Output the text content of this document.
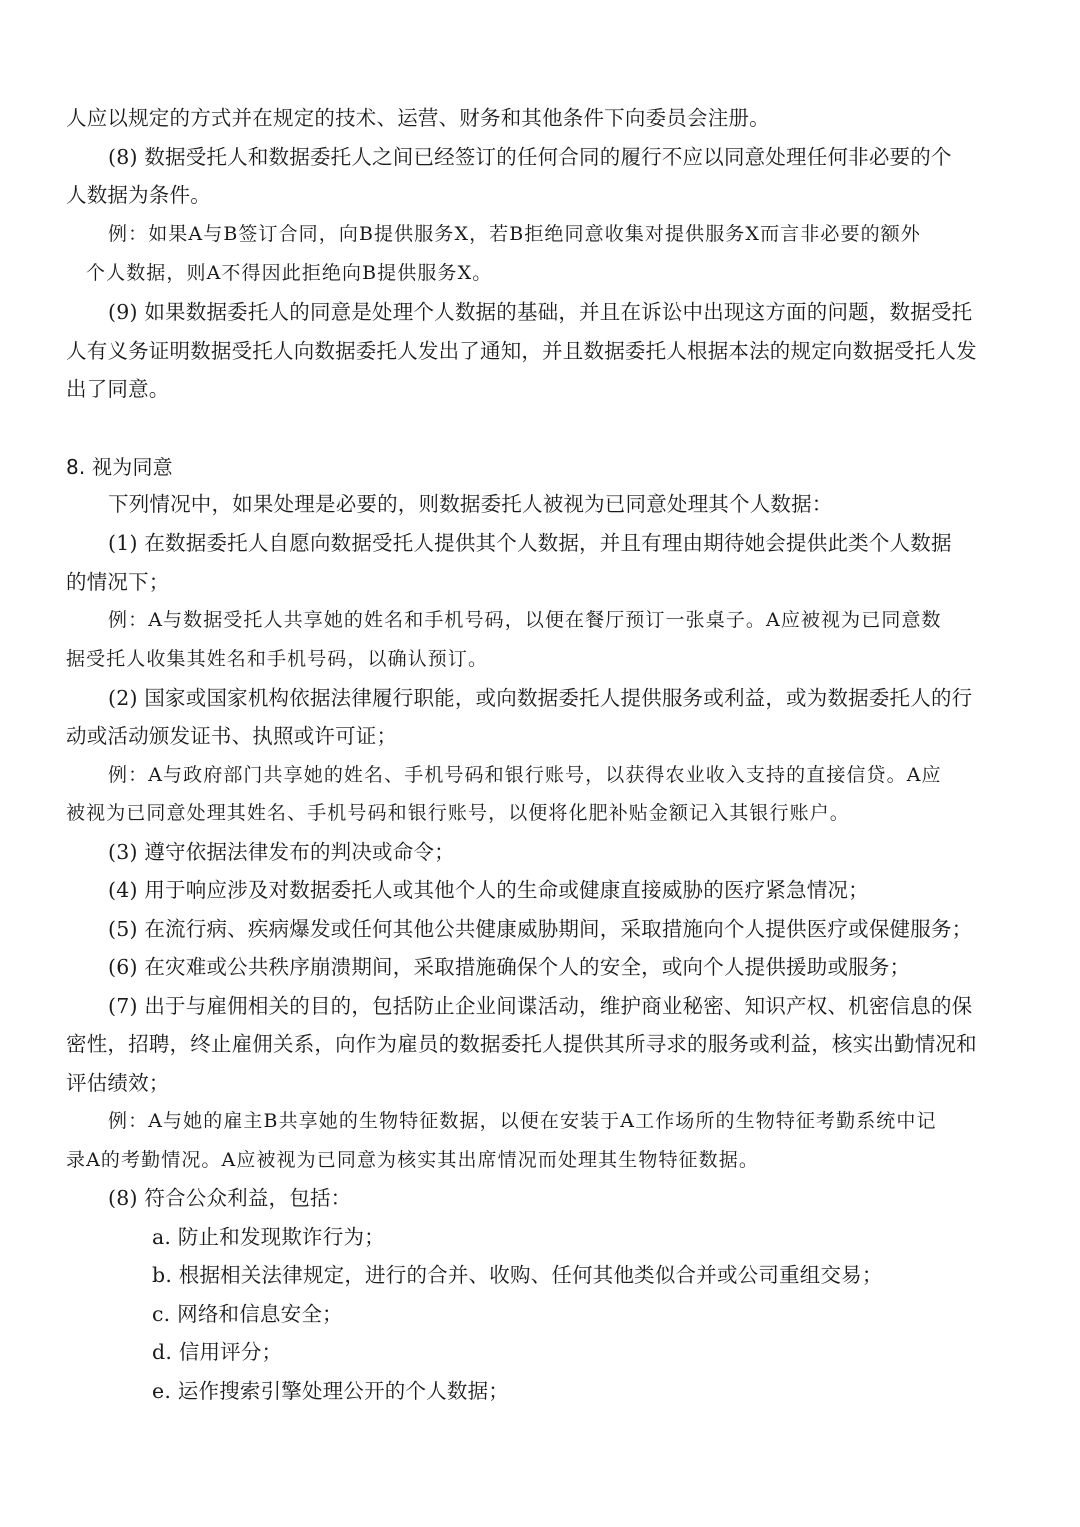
人应以规定的方式并在规定的技术、运营、财务和其他条件下向委员会注册。
(8) 数据受托人和数据委托人之间已经签订的任何合同的履行不应以同意处理任何非必要的个
人数据为条件。
例：如果A与B签订合同，向B提供服务X，若B拒绝同意收集对提供服务X而言非必要的额外
个人数据，则A不得因此拒绝向B提供服务X。
(9) 如果数据委托人的同意是处理个人数据的基础，并且在诉讼中出现这方面的问题，数据受托
人有义务证明数据受托人向数据委托人发出了通知，并且数据委托人根据本法的规定向数据受托人发
出了同意。
8. 视为同意
下列情况中，如果处理是必要的，则数据委托人被视为已同意处理其个人数据：
(1) 在数据委托人自愿向数据受托人提供其个人数据，并且有理由期待她会提供此类个人数据
的情况下；
例：A与数据受托人共享她的姓名和手机号码，以便在餐厅预订一张桌子。A应被视为已同意数
据受托人收集其姓名和手机号码，以确认预订。
(2) 国家或国家机构依据法律履行职能，或向数据委托人提供服务或利益，或为数据委托人的行
动或活动颁发证书、执照或许可证；
例：A与政府部门共享她的姓名、手机号码和银行账号，以获得农业收入支持的直接信贷。A应
被视为已同意处理其姓名、手机号码和银行账号，以便将化肥补贴金额记入其银行账户。
(3) 遵守依据法律发布的判决或命令；
(4) 用于响应涉及对数据委托人或其他个人的生命或健康直接威胁的医疗紧急情况；
(5) 在流行病、疾病爆发或任何其他公共健康威胁期间，采取措施向个人提供医疗或保健服务；
(6) 在灾难或公共秩序崩溃期间，采取措施确保个人的安全，或向个人提供援助或服务；
(7) 出于与雇佣相关的目的，包括防止企业间谍活动，维护商业秘密、知识产权、机密信息的保
密性，招聘，终止雇佣关系，向作为雇员的数据委托人提供其所寻求的服务或利益，核实出勤情况和
评估绩效；
例：A与她的雇主B共享她的生物特征数据，以便在安装于A工作场所的生物特征考勤系统中记
录A的考勤情况。A应被视为已同意为核实其出席情况而处理其生物特征数据。
(8) 符合公众利益，包括：
a. 防止和发现欺诈行为；
b. 根据相关法律规定，进行的合并、收购、任何其他类似合并或公司重组交易；
c. 网络和信息安全；
d. 信用评分；
e. 运作搜索引擎处理公开的个人数据；
